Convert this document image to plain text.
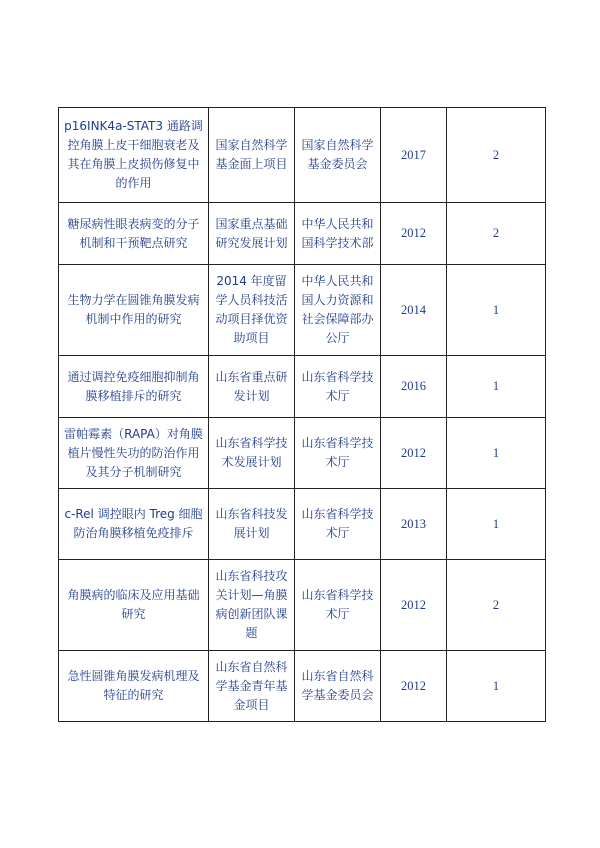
p16INK4a-STAT3 通路调控角膜上皮干细胞衰老及其在角膜上皮损伤修复中的作用	国家自然科学基金面上项目	国家自然科学基金委员会	2017	2
糖尿病性眼表病变的分子机制和干预靶点研究	国家重点基础研究发展计划	中华人民共和国科学技术部	2012	2
生物力学在圆锥角膜发病机制中作用的研究	2014 年度留学人员科技活动项目择优资助项目	中华人民共和国人力资源和社会保障部办公厅	2014	1
通过调控免疫细胞抑制角膜移植排斥的研究	山东省重点研发计划	山东省科学技术厅	2016	1
雷帕霉素（RAPA）对角膜植片慢性失功的防治作用及其分子机制研究	山东省科学技术发展计划	山东省科学技术厅	2012	1
c-Rel 调控眼内 Treg 细胞防治角膜移植免疫排斥	山东省科技发展计划	山东省科学技术厅	2013	1
角膜病的临床及应用基础研究	山东省科技攻关计划—角膜病创新团队课题	山东省科学技术厅	2012	2
急性圆锥角膜发病机理及特征的研究	山东省自然科学基金青年基金项目	山东省自然科学基金委员会	2012	1
